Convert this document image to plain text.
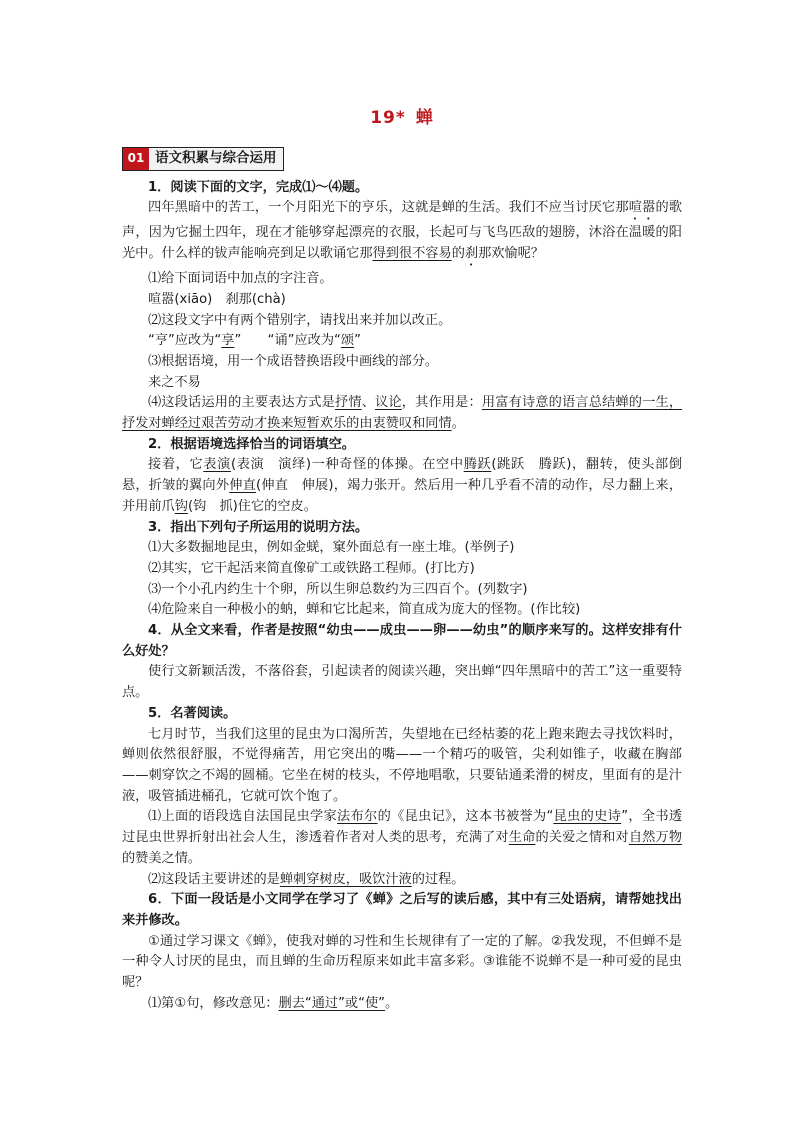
19* 蝉
01 语文积累与综合运用

1．阅读下面的文字，完成⑴～⑷题。

四年黑暗中的苦工，一个月阳光下的亨乐，这就是蝉的生活。我们不应当讨厌它那喧嚣的歌声，因为它掘土四年，现在才能够穿起漂亮的衣服，长起可与飞鸟匹敌的翅膀，沐浴在温暖的阳光中。什么样的钹声能响亮到足以歌诵它那得到很不容易的刹那欢愉呢？

⑴给下面词语中加点的字注音。

喧嚣(xiāo)　刹那(chà)

⑵这段文字中有两个错别字，请找出来并加以改正。

“亨”应改为“享”　　“诵”应改为“颂”

⑶根据语境，用一个成语替换语段中画线的部分。

来之不易

⑷这段话运用的主要表达方式是抒情、议论，其作用是：用富有诗意的语言总结蝉的一生，抒发对蝉经过艰苦劳动才换来短暂欢乐的由衷赞叹和同情。

2．根据语境选择恰当的词语填空。

接着，它表演(表演　演绎)一种奇怪的体操。在空中腾跃(跳跃　腾跃)，翻转，使头部倒悬，折皱的翼向外伸直(伸直　伸展)，竭力张开。然后用一种几乎看不清的动作，尽力翻上来，并用前爪钩(钩　抓)住它的空皮。

3．指出下列句子所运用的说明方法。

⑴大多数掘地昆虫，例如金蜣，窠外面总有一座土堆。(举例子)

⑵其实，它干起活来简直像矿工或铁路工程师。(打比方)

⑶一个小孔内约生十个卵，所以生卵总数约为三四百个。(列数字)

⑷危险来自一种极小的蚋，蝉和它比起来，简直成为庞大的怪物。(作比较)

4．从全文来看，作者是按照“幼虫——成虫——卵——幼虫”的顺序来写的。这样安排有什么好处？

使行文新颖活泼，不落俗套，引起读者的阅读兴趣，突出蝉“四年黑暗中的苦工”这一重要特点。

5．名著阅读。

七月时节，当我们这里的昆虫为口渴所苦，失望地在已经枯萎的花上跑来跑去寻找饮料时，蝉则依然很舒服，不觉得痛苦，用它突出的嘴——一个精巧的吸管，尖利如锥子，收藏在胸部——刺穿饮之不竭的圆桶。它坐在树的枝头，不停地唱歌，只要钻通柔滑的树皮，里面有的是汁液，吸管插进桶孔，它就可饮个饱了。

⑴上面的语段选自法国昆虫学家法布尔的《昆虫记》，这本书被誉为“昆虫的史诗”，全书透过昆虫世界折射出社会人生，渗透着作者对人类的思考，充满了对生命的关爱之情和对自然万物的赞美之情。

⑵这段话主要讲述的是蝉刺穿树皮，吸饮汁液的过程。

6．下面一段话是小文同学在学习了《蝉》之后写的读后感，其中有三处语病，请帮她找出来并修改。

①通过学习课文《蝉》，使我对蝉的习性和生长规律有了一定的了解。②我发现，不但蝉不是一种令人讨厌的昆虫，而且蝉的生命历程原来如此丰富多彩。③谁能不说蝉不是一种可爱的昆虫呢？

⑴第①句，修改意见：删去“通过”或“使”。
